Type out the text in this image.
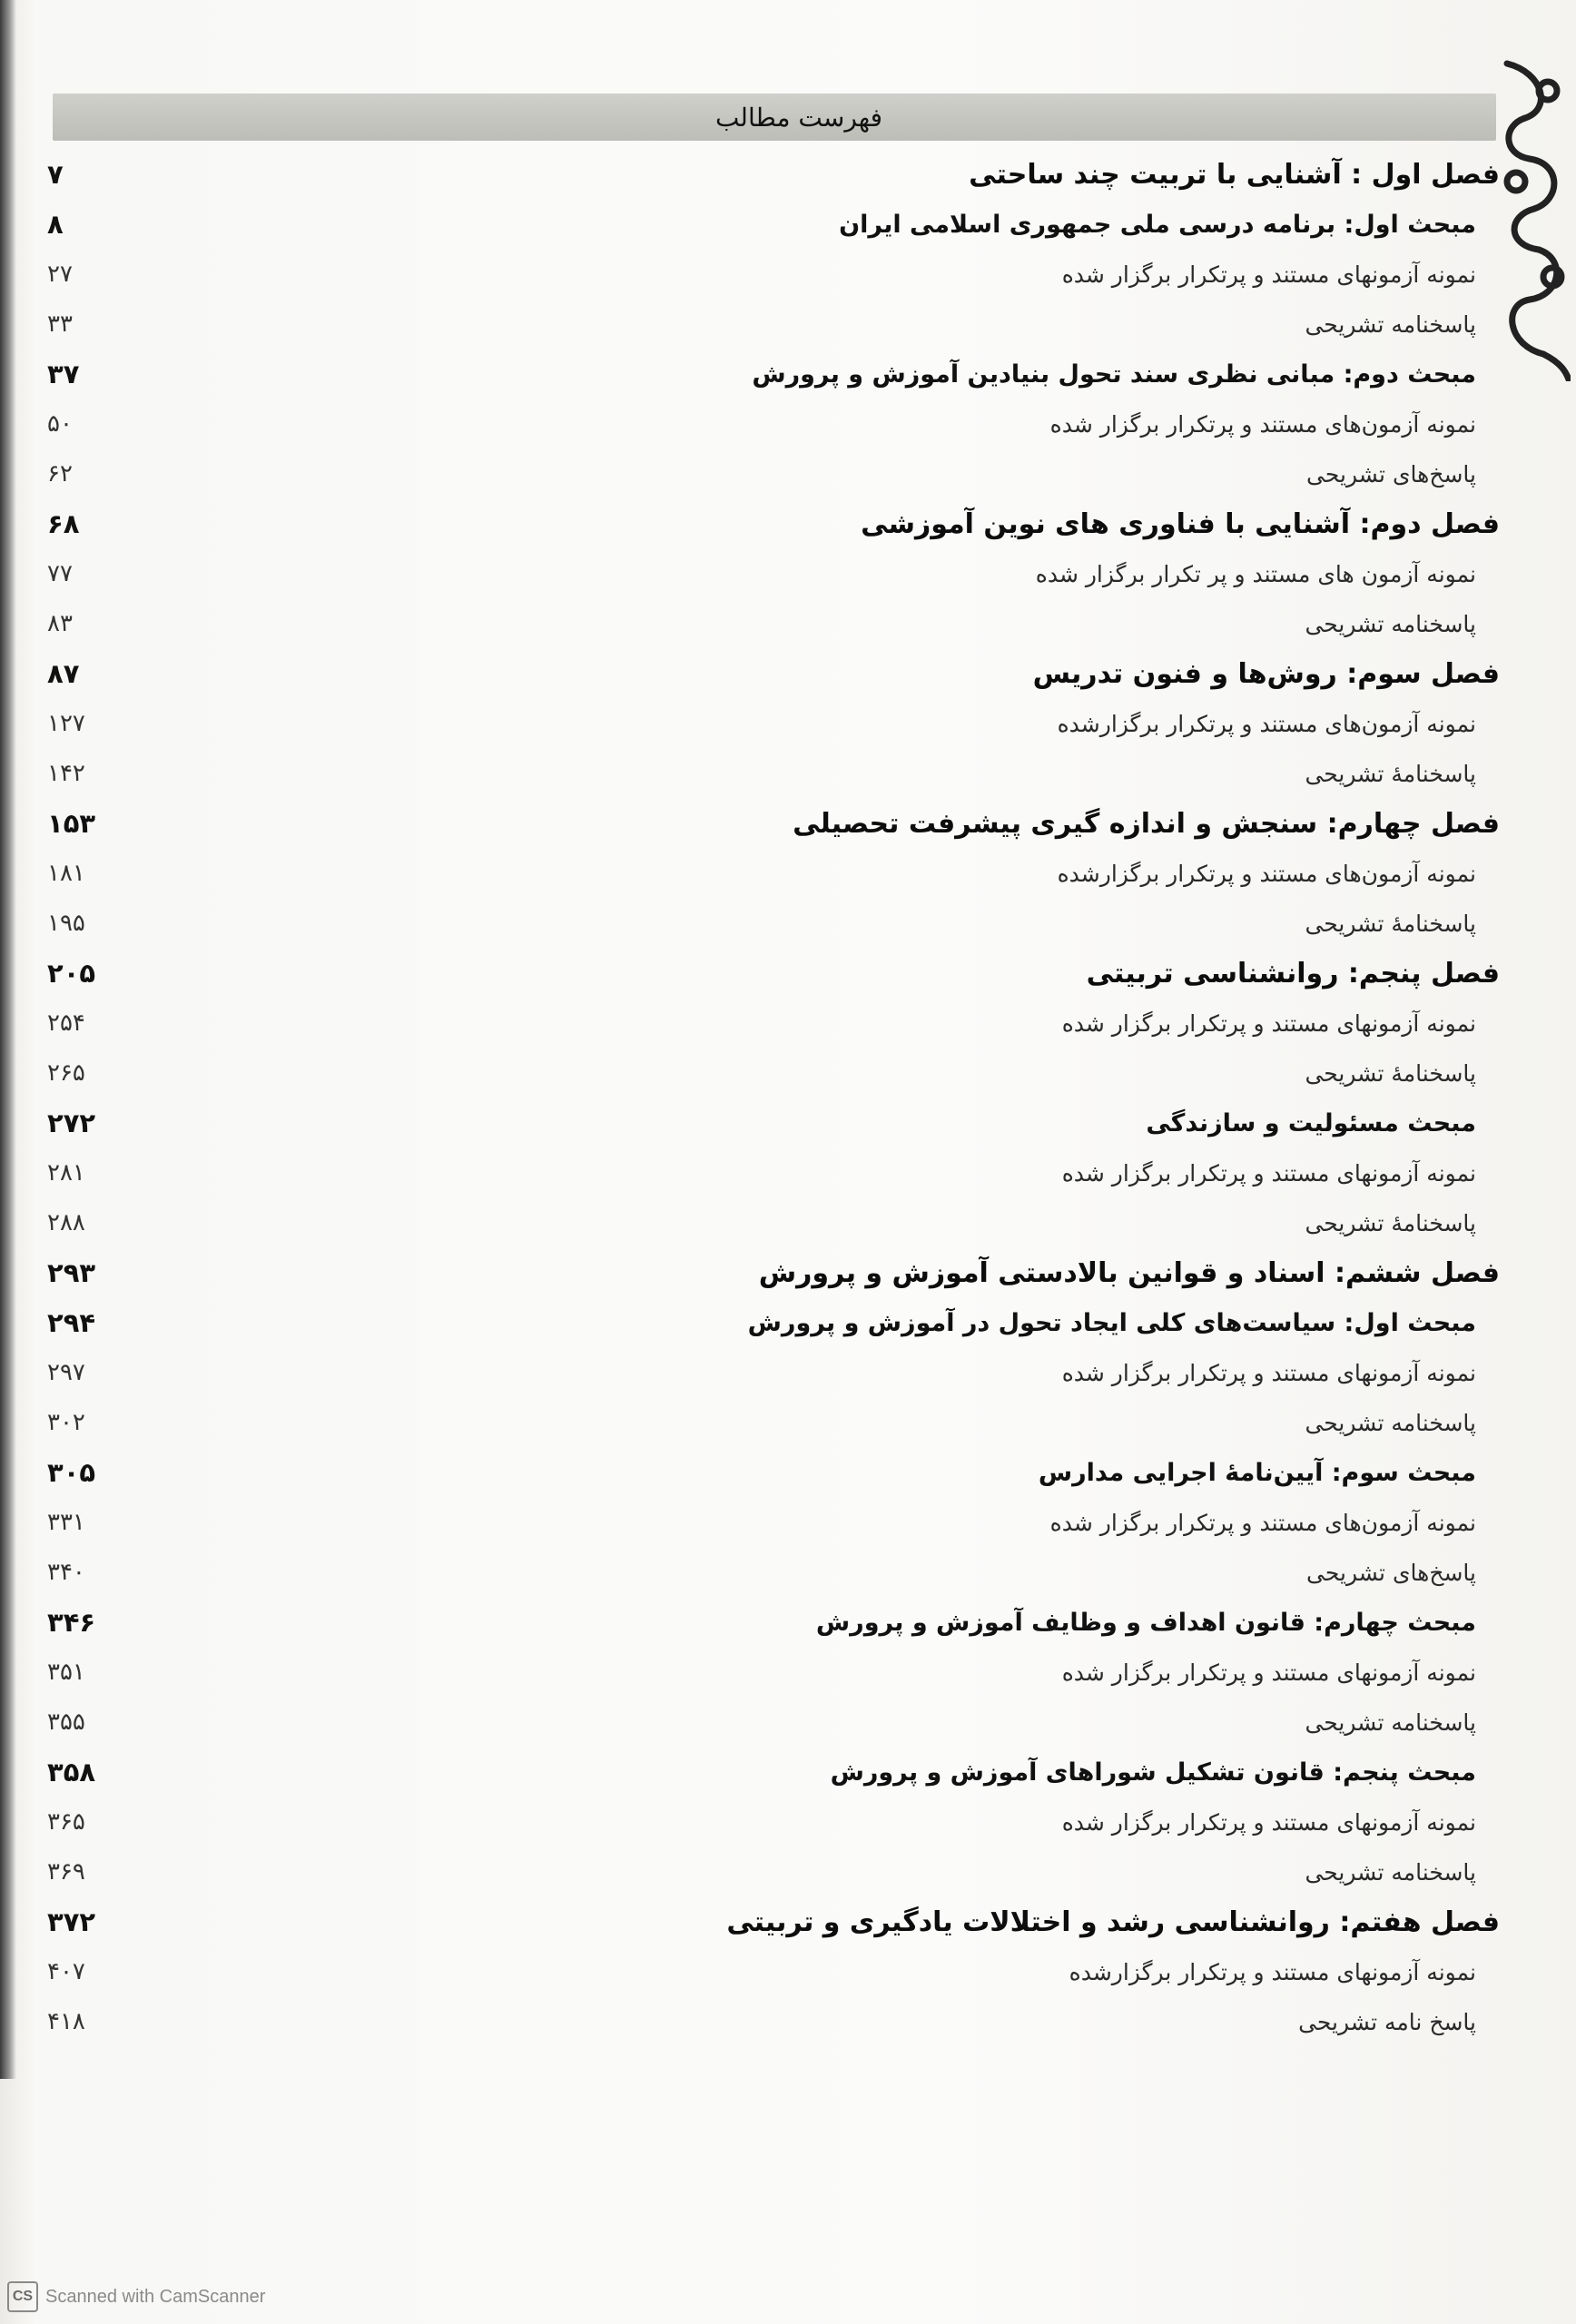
فهرست مطالب
فصل اول : آشنایی با تربیت چند ساحتی
۷
مبحث اول: برنامه درسی ملی جمهوری اسلامی ایران
۸
نمونه آزمونهای مستند و پرتکرار برگزار شده
۲۷
پاسخنامه تشریحی
۳۳
مبحث دوم: مبانی نظری سند تحول بنیادین آموزش و پرورش
۳۷
نمونه آزمون‌های مستند و پرتکرار برگزار شده
۵۰
پاسخ‌های تشریحی
۶۲
فصل دوم: آشنایی با فناوری های نوین آموزشی
۶۸
نمونه آزمون های مستند و پر تکرار برگزار شده
۷۷
پاسخنامه تشریحی
۸۳
فصل سوم: روش‌ها و فنون تدریس
۸۷
نمونه آزمون‌های مستند و پرتکرار برگزارشده
۱۲۷
پاسخنامهٔ تشریحی
۱۴۲
فصل چهارم: سنجش و اندازه گیری پیشرفت تحصیلی
۱۵۳
نمونه آزمون‌های مستند و پرتکرار برگزارشده
۱۸۱
پاسخنامهٔ تشریحی
۱۹۵
فصل پنجم: روانشناسی تربیتی
۲۰۵
نمونه آزمونهای مستند و پرتکرار برگزار شده
۲۵۴
پاسخنامهٔ تشریحی
۲۶۵
مبحث مسئولیت و سازندگی
۲۷۲
نمونه آزمونهای مستند و پرتکرار برگزار شده
۲۸۱
پاسخنامهٔ تشریحی
۲۸۸
فصل ششم: اسناد و قوانین بالادستی آموزش و پرورش
۲۹۳
مبحث اول: سیاست‌های کلی ایجاد تحول در آموزش و پرورش
۲۹۴
نمونه آزمونهای مستند و پرتکرار برگزار شده
۲۹۷
پاسخنامه تشریحی
۳۰۲
مبحث سوم: آیین‌نامهٔ اجرایی مدارس
۳۰۵
نمونه آزمون‌های مستند و پرتکرار برگزار شده
۳۳۱
پاسخ‌های تشریحی
۳۴۰
مبحث چهارم: قانون اهداف و وظایف آموزش و پرورش
۳۴۶
نمونه آزمونهای مستند و پرتکرار برگزار شده
۳۵۱
پاسخنامه تشریحی
۳۵۵
مبحث پنجم: قانون تشکیل شوراهای آموزش و پرورش
۳۵۸
نمونه آزمونهای مستند و پرتکرار برگزار شده
۳۶۵
پاسخنامه تشریحی
۳۶۹
فصل هفتم: روانشناسی رشد و اختلالات یادگیری و تربیتی
۳۷۲
نمونه آزمونهای مستند و پرتکرار برگزارشده
۴۰۷
پاسخ نامه تشریحی
۴۱۸
CS Scanned with CamScanner
